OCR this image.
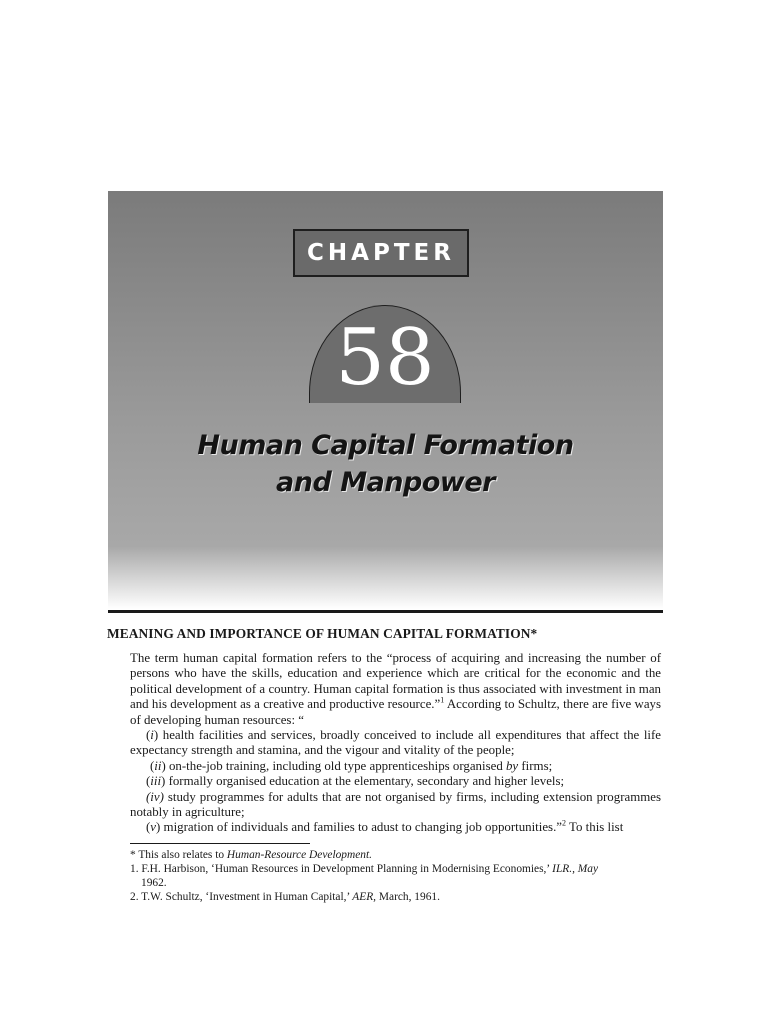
CHAPTER
58
Human Capital Formation
and Manpower
MEANING AND IMPORTANCE OF HUMAN CAPITAL FORMATION*

The term human capital formation refers to the “process of acquiring and increasing the number of persons who have the skills, education and experience which are critical for the economic and the political development of a country. Human capital formation is thus associated with investment in man and his development as a creative and productive resource.”$^1$ According to Schultz, there are five ways of developing human resources: “

(i) health facilities and services, broadly conceived to include all expenditures that affect the life expectancy strength and stamina, and the vigour and vitality of the people;

(ii) on-the-job training, including old type apprenticeships organised by firms;

(iii) formally organised education at the elementary, secondary and higher levels;

(iv) study programmes for adults that are not organised by firms, including extension programmes notably in agriculture;

(v) migration of individuals and families to adust to changing job opportunities.”$^2$ To this list

* This also relates to Human-Resource Development.

1. F.H. Harbison, ‘Human Resources in Development Planning in Modernising Economies,’ ILR., May

1962.

2. T.W. Schultz, ‘Investment in Human Capital,’ AER, March, 1961.
